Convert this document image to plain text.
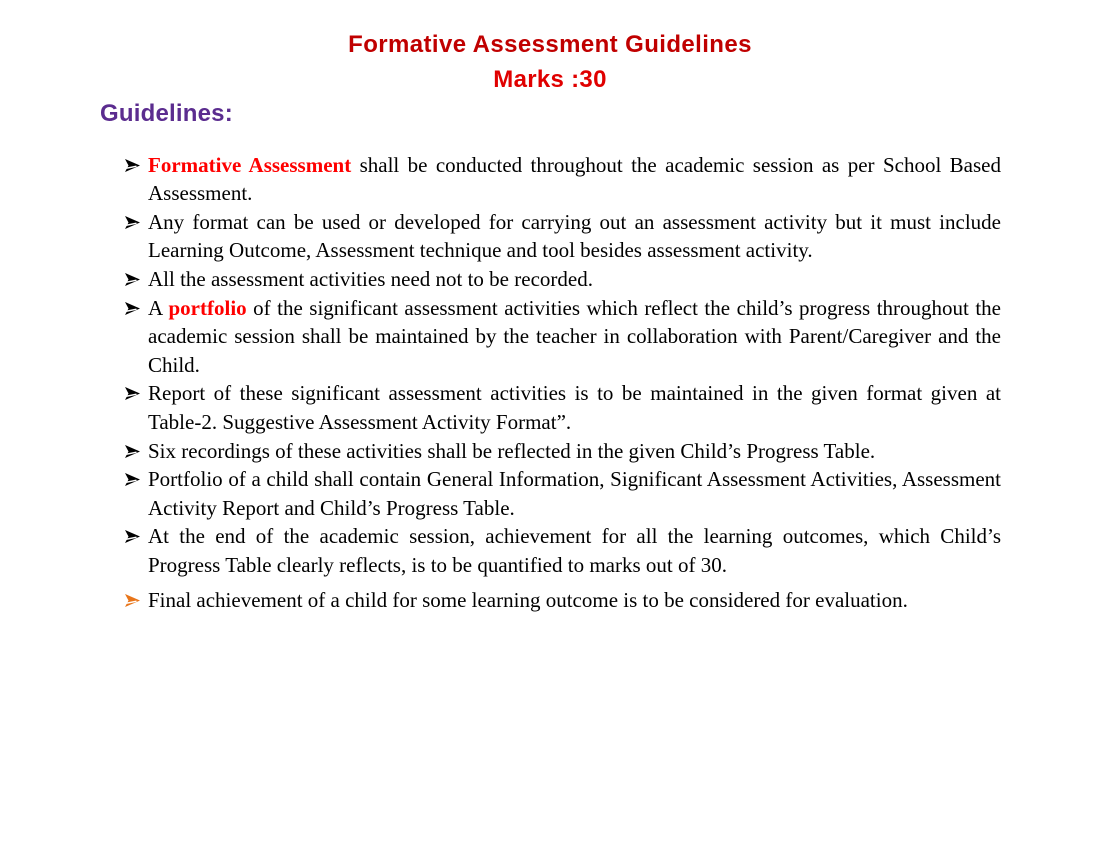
Formative Assessment Guidelines
Marks :30
Guidelines:
Formative Assessment shall be conducted throughout the academic session as per School Based Assessment.
Any format can be used or developed for carrying out an assessment activity but it must include Learning Outcome, Assessment technique and tool besides assessment activity.
All the assessment activities need not to be recorded.
A portfolio of the significant assessment activities which reflect the child’s progress throughout the academic session shall be maintained by the teacher in collaboration with Parent/Caregiver and the Child.
Report of these significant assessment activities is to be maintained in the given format given at Table-2. Suggestive Assessment Activity Format”.
Six recordings of these activities shall be reflected in the given Child’s Progress Table.
Portfolio of a child shall contain General Information, Significant Assessment Activities, Assessment Activity Report and Child’s Progress Table.
At the end of the academic session, achievement for all the learning outcomes, which Child’s Progress Table clearly reflects, is to be quantified to marks out of 30.
Final achievement of a child for some learning outcome is to be considered for evaluation.
